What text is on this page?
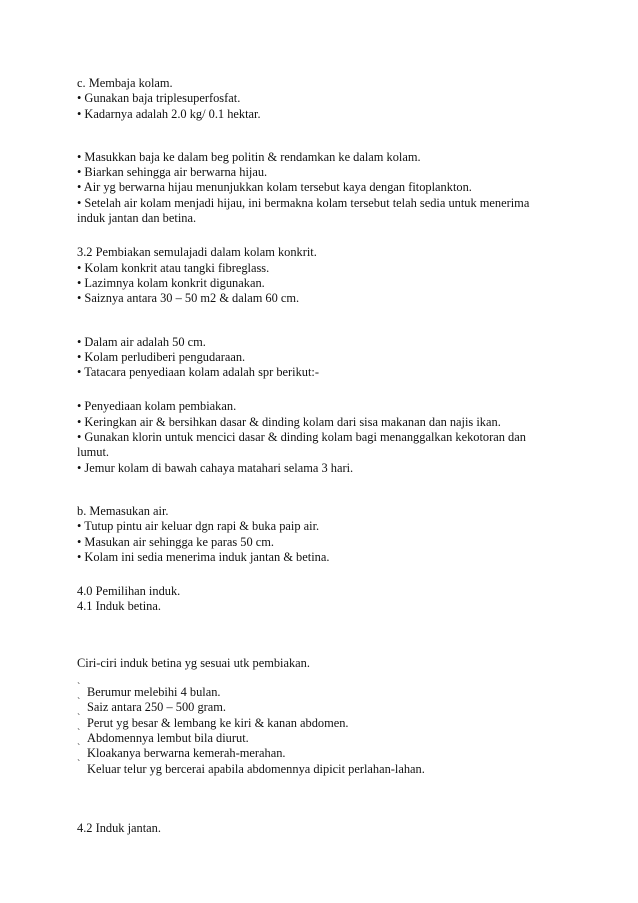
c. Membaja kolam.
• Gunakan baja triplesuperfosfat.
• Kadarnya adalah 2.0 kg/ 0.1 hektar.
• Masukkan baja ke dalam beg politin & rendamkan ke dalam kolam.
• Biarkan sehingga air berwarna hijau.
• Air yg berwarna hijau menunjukkan kolam tersebut kaya dengan fitoplankton.
• Setelah air kolam menjadi hijau, ini bermakna kolam tersebut telah sedia untuk menerima induk jantan dan betina.
3.2 Pembiakan semulajadi dalam kolam konkrit.
• Kolam konkrit atau tangki fibreglass.
• Lazimnya kolam konkrit digunakan.
• Saiznya antara 30 – 50 m2 & dalam 60 cm.
• Dalam air adalah 50 cm.
• Kolam perludiberi pengudaraan.
• Tatacara penyediaan kolam adalah spr berikut:-
• Penyediaan kolam pembiakan.
• Keringkan air & bersihkan dasar & dinding kolam dari sisa makanan dan najis ikan.
• Gunakan klorin untuk mencici dasar & dinding kolam bagi menanggalkan kekotoran dan lumut.
• Jemur kolam di bawah cahaya matahari selama 3 hari.
b. Memasukan air.
• Tutup pintu air keluar dgn rapi & buka paip air.
• Masukan air sehingga ke paras 50 cm.
• Kolam ini sedia menerima induk jantan & betina.
4.0 Pemilihan induk.
4.1 Induk betina.
Ciri-ciri induk betina yg sesuai utk pembiakan.
` Berumur melebihi 4 bulan.
` Saiz antara 250 – 500 gram.
` Perut yg besar & lembang ke kiri & kanan abdomen.
` Abdomennya lembut bila diurut.
` Kloakanya berwarna kemerah-merahan.
` Keluar telur yg bercerai apabila abdomennya dipicit perlahan-lahan.
4.2 Induk jantan.
